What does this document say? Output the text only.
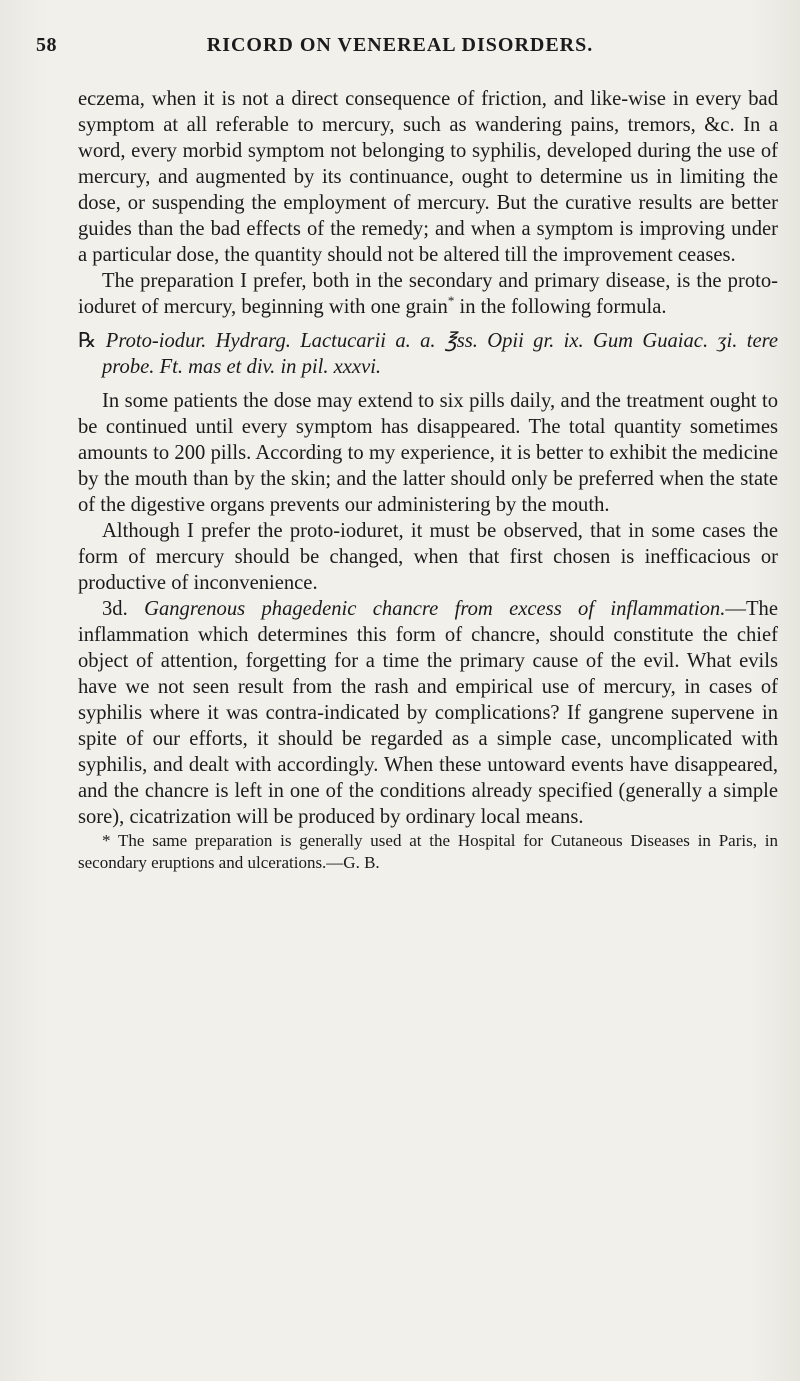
58	RICORD ON VENEREAL DISORDERS.

eczema, when it is not a direct consequence of friction, and like-wise in every bad symptom at all referable to mercury, such as wandering pains, tremors, &c. In a word, every morbid symptom not belonging to syphilis, developed during the use of mercury, and augmented by its continuance, ought to determine us in limiting the dose, or suspending the employment of mercury. But the curative results are better guides than the bad effects of the remedy; and when a symptom is improving under a particular dose, the quantity should not be altered till the improvement ceases.

The preparation I prefer, both in the secondary and primary disease, is the proto-ioduret of mercury, beginning with one grain* in the following formula.

℞ Proto-iodur. Hydrarg. Lactucarii a. a. ℥ss. Opii gr. ix. Gum Guaiac. ʒi. tere probe. Ft. mas et div. in pil. xxxvi.

In some patients the dose may extend to six pills daily, and the treatment ought to be continued until every symptom has disappeared. The total quantity sometimes amounts to 200 pills. According to my experience, it is better to exhibit the medicine by the mouth than by the skin; and the latter should only be preferred when the state of the digestive organs prevents our administering by the mouth.

Although I prefer the proto-ioduret, it must be observed, that in some cases the form of mercury should be changed, when that first chosen is inefficacious or productive of inconvenience.

3d. Gangrenous phagedenic chancre from excess of inflammation.—The inflammation which determines this form of chancre, should constitute the chief object of attention, forgetting for a time the primary cause of the evil. What evils have we not seen result from the rash and empirical use of mercury, in cases of syphilis where it was contra-indicated by complications? If gangrene supervene in spite of our efforts, it should be regarded as a simple case, uncomplicated with syphilis, and dealt with accordingly. When these untoward events have disappeared, and the chancre is left in one of the conditions already specified (generally a simple sore), cicatrization will be produced by ordinary local means.

* The same preparation is generally used at the Hospital for Cutaneous Diseases in Paris, in secondary eruptions and ulcerations.—G. B.
